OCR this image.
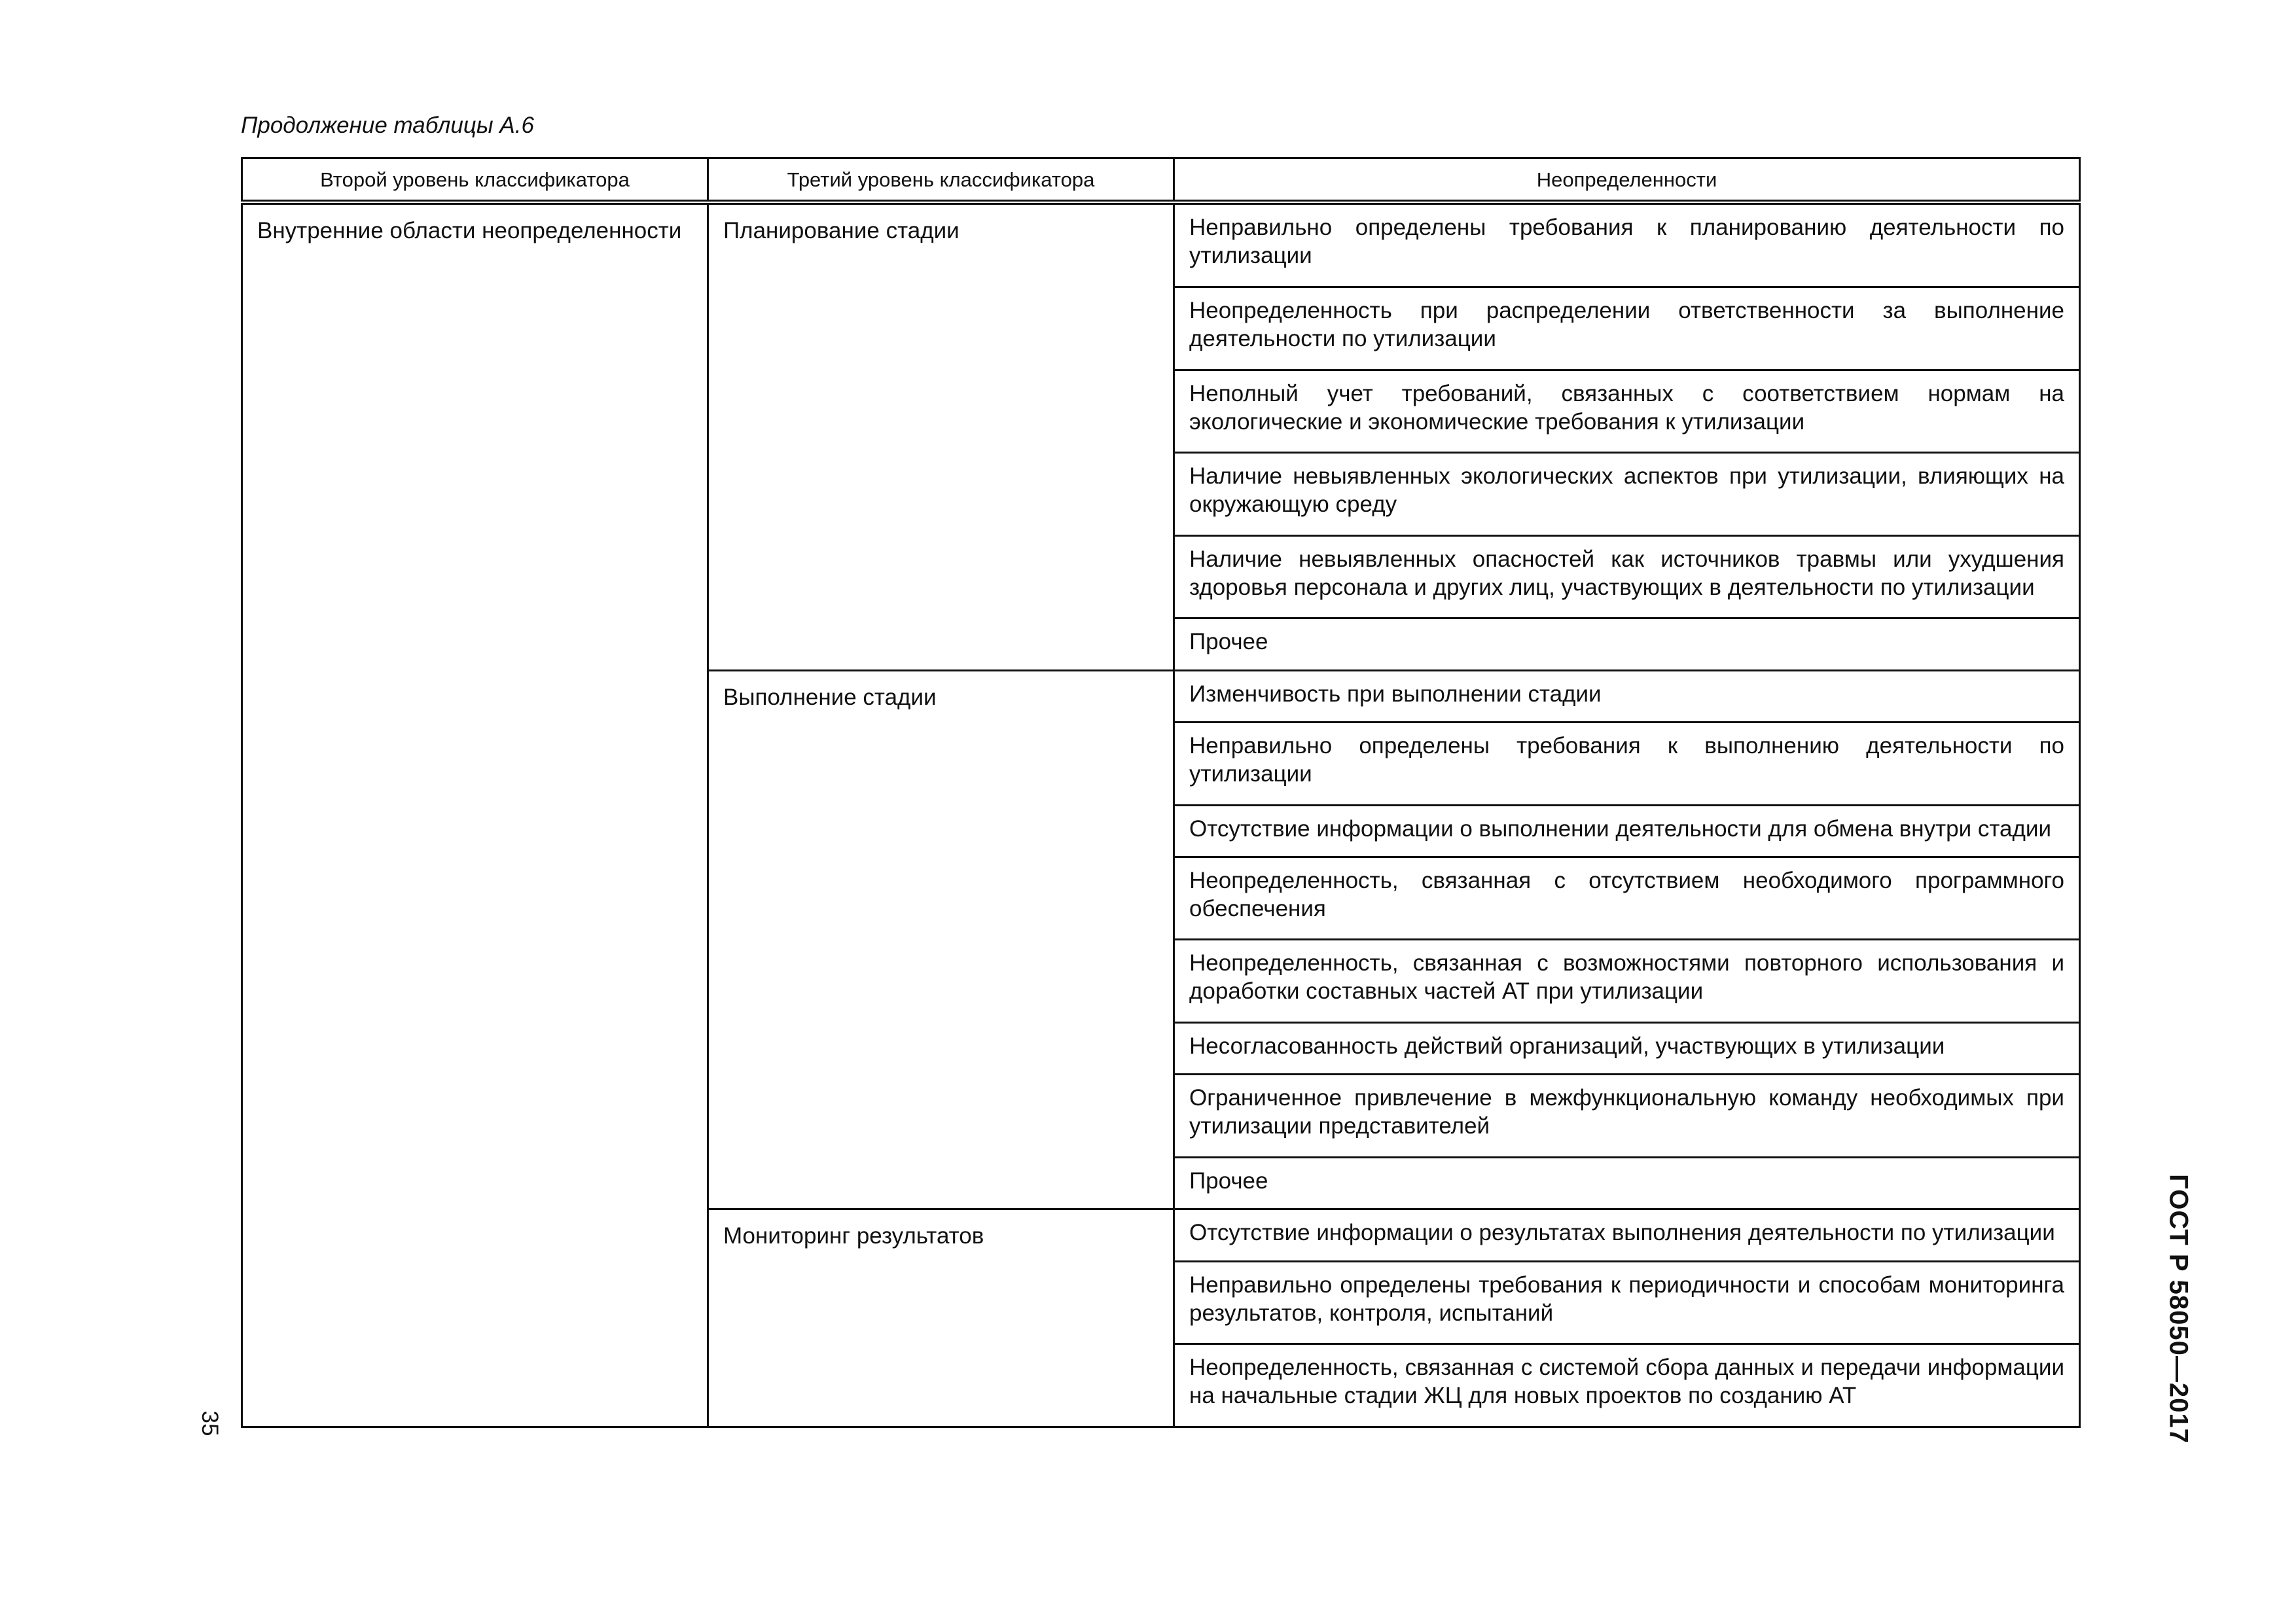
Продолжение таблицы А.6
Второй уровень классификатора	Третий уровень классификатора	Неопределенности
Внутренние области неопределенности	Планирование стадии	Неправильно определены требования к планированию деятельности по утилизации
		Неопределенность при распределении ответственности за выполнение деятельности по утилизации
		Неполный учет требований, связанных с соответствием нормам на экологические и экономические требования к утилизации
		Наличие невыявленных экологических аспектов при утилизации, влияющих на окружающую среду
		Наличие невыявленных опасностей как источников травмы или ухудшения здоровья персонала и других лиц, участвующих в деятельности по утилизации
		Прочее
	Выполнение стадии	Изменчивость при выполнении стадии
		Неправильно определены требования к выполнению деятельности по утилизации
		Отсутствие информации о выполнении деятельности для обмена внутри стадии
		Неопределенность, связанная с отсутствием необходимого программного обеспечения
		Неопределенность, связанная с возможностями повторного использования и доработки составных частей АТ при утилизации
		Несогласованность действий организаций, участвующих в утилизации
		Ограниченное привлечение в межфункциональную команду необходимых при утилизации представителей
		Прочее
	Мониторинг результатов	Отсутствие информации о результатах выполнения деятельности по утилизации
		Неправильно определены требования к периодичности и способам мониторинга результатов, контроля, испытаний
		Неопределенность, связанная с системой сбора данных и передачи информации на начальные стадии ЖЦ для новых проектов по созданию АТ	ГОСТ Р 58050—2017
35
